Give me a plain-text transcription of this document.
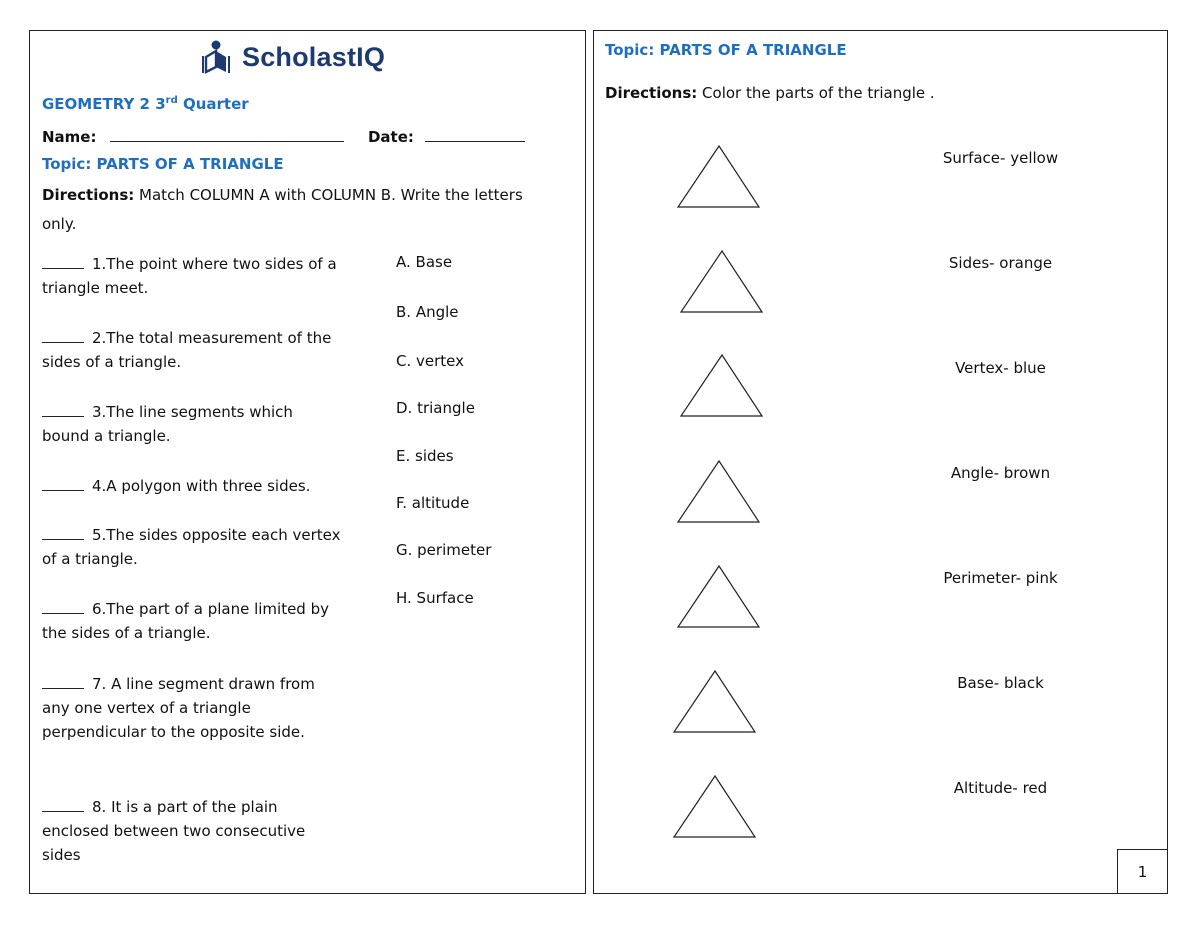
ScholastIQ
GEOMETRY 2 3rd Quarter
Name:	Date:
Topic: PARTS OF A TRIANGLE
Directions: Match COLUMN A with COLUMN B. Write the letters only.
1.The point where two sides of a triangle meet.
2.The total measurement of the sides of a triangle.
3.The line segments which bound a triangle.
4.A polygon with three sides.
5.The sides opposite each vertex of a triangle.
6.The part of a plane limited by the sides of a triangle.
7. A line segment drawn from any one vertex of a triangle perpendicular to the opposite side.
8. It is a part of the plain enclosed between two consecutive sides
A. Base
B. Angle
C. vertex
D. triangle
E. sides
F. altitude
G. perimeter
H. Surface
Topic: PARTS OF A TRIANGLE
Directions: Color the parts of the triangle .
Surface- yellow
Sides- orange
Vertex- blue
Angle- brown
Perimeter- pink
Base- black
Altitude- red
1
